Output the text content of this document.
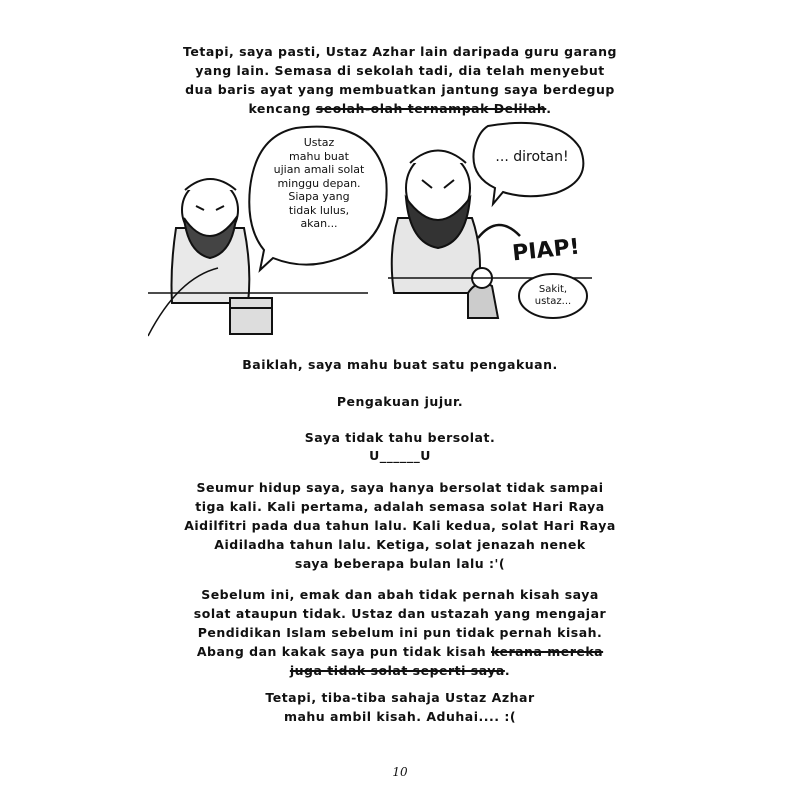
Tetapi, saya pasti, Ustaz Azhar lain daripada guru garang
yang lain. Semasa di sekolah tadi, dia telah menyebut
dua baris ayat yang membuatkan jantung saya berdegup
kencang seolah-olah ternampak Delilah.
Ustaz
mahu buat
ujian amali solat
minggu depan.
Siapa yang
tidak lulus,
akan...
... dirotan!
PIAP!
Sakit,
ustaz...
Baiklah, saya mahu buat satu pengakuan.
Pengakuan jujur.
Saya tidak tahu bersolat.
U______U
Seumur hidup saya, saya hanya bersolat tidak sampai
tiga kali. Kali pertama, adalah semasa solat Hari Raya
Aidilfitri pada dua tahun lalu. Kali kedua, solat Hari Raya
Aidiladha tahun lalu. Ketiga, solat jenazah nenek
saya beberapa bulan lalu :'(
Sebelum ini, emak dan abah tidak pernah kisah saya
solat ataupun tidak. Ustaz dan ustazah yang mengajar
Pendidikan Islam sebelum ini pun tidak pernah kisah.
Abang dan kakak saya pun tidak kisah kerana mereka
juga tidak solat seperti saya.
Tetapi, tiba-tiba sahaja Ustaz Azhar
mahu ambil kisah. Aduhai.... :(
10
